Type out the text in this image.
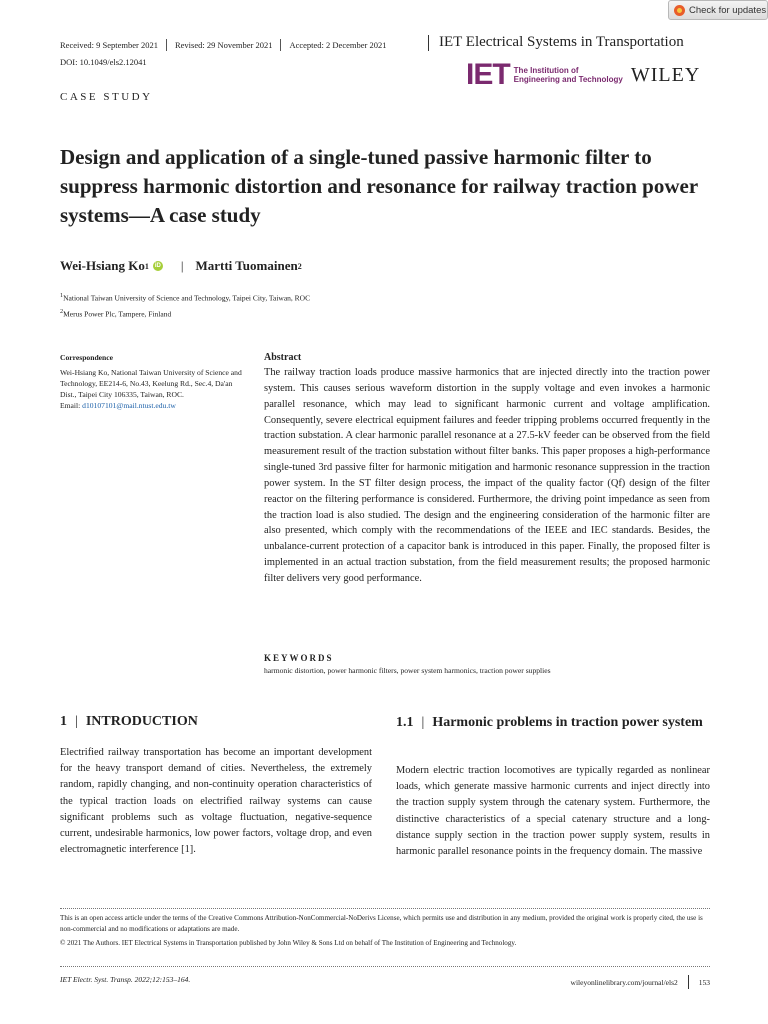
Check for updates
Received: 9 September 2021 Revised: 29 November 2021 Accepted: 2 December 2021	IET Electrical Systems in Transportation
DOI: 10.1049/els2.12041	IET The Institution of
Engineering and Technology WILEY
CASE STUDY
Design and application of a single-tuned passive harmonic filter to suppress harmonic distortion and resonance for railway traction power systems—A case study
Wei-Hsiang Ko 1	iD | Martti Tuomainen 2
$^1$National Taiwan University of Science and Technology, Taipei City, Taiwan, ROC
$^2$Merus Power Plc, Tampere, Finland
Correspondence
Wei-Hsiang Ko, National Taiwan University of Science and Technology, EE214-6, No.43, Keelung Rd., Sec.4, Da'an Dist., Taipei City 106335, Taiwan, ROC.
Email: d10107101@mail.ntust.edu.tw
Abstract

The railway traction loads produce massive harmonics that are injected directly into the traction power system. This causes serious waveform distortion in the supply voltage and even invokes a harmonic parallel resonance, which may lead to significant harmonic current and voltage amplification. Consequently, severe electrical equipment failures and feeder tripping problems occurred frequently in the traction substation. A clear harmonic parallel resonance at a 27.5-kV feeder can be observed from the field measurement result of the traction substation without filter banks. This paper proposes a high-performance single-tuned 3rd passive filter for harmonic mitigation and harmonic resonance suppression in the traction power system. In the ST filter design process, the impact of the quality factor (Qf) design of the filter reactor on the filtering performance is considered. Furthermore, the driving point impedance as seen from the traction load is also studied. The design and the engineering consideration of the harmonic filter are also presented, which comply with the recommendations of the IEEE and IEC standards. Besides, the unbalance-current protection of a capacitor bank is introduced in this paper. Finally, the proposed filter is implemented in an actual traction substation, from the field measurement results; the proposed harmonic filter delivers very good performance.

KEYWORDS
harmonic distortion, power harmonic filters, power system harmonics, traction power supplies
1 | INTRODUCTION
Electrified railway transportation has become an important development for the heavy transport demand of cities. Nevertheless, the extremely random, rapidly changing, and non-continuity operation characteristics of the typical traction loads on electrified railway systems can cause significant problems such as voltage fluctuation, negative-sequence current, undesirable harmonics, low power factors, voltage drop, and even electromagnetic interference [1].
1.1 | Harmonic problems in traction power system
Modern electric traction locomotives are typically regarded as nonlinear loads, which generate massive harmonic currents and inject directly into the traction supply system through the catenary system. Furthermore, the distinctive characteristics of a special catenary structure and a long-distance supply section in the traction power supply system, results in harmonic parallel resonance points in the frequency domain. The massive

This is an open access article under the terms of the Creative Commons Attribution-NonCommercial-NoDerivs License, which permits use and distribution in any medium, provided the original work is properly cited, the use is non-commercial and no modifications or adaptations are made.

© 2021 The Authors. IET Electrical Systems in Transportation published by John Wiley & Sons Ltd on behalf of The Institution of Engineering and Technology.

IET Electr. Syst. Transp. 2022;12:153–164.	wileyonlinelibrary.com/journal/els2	153
